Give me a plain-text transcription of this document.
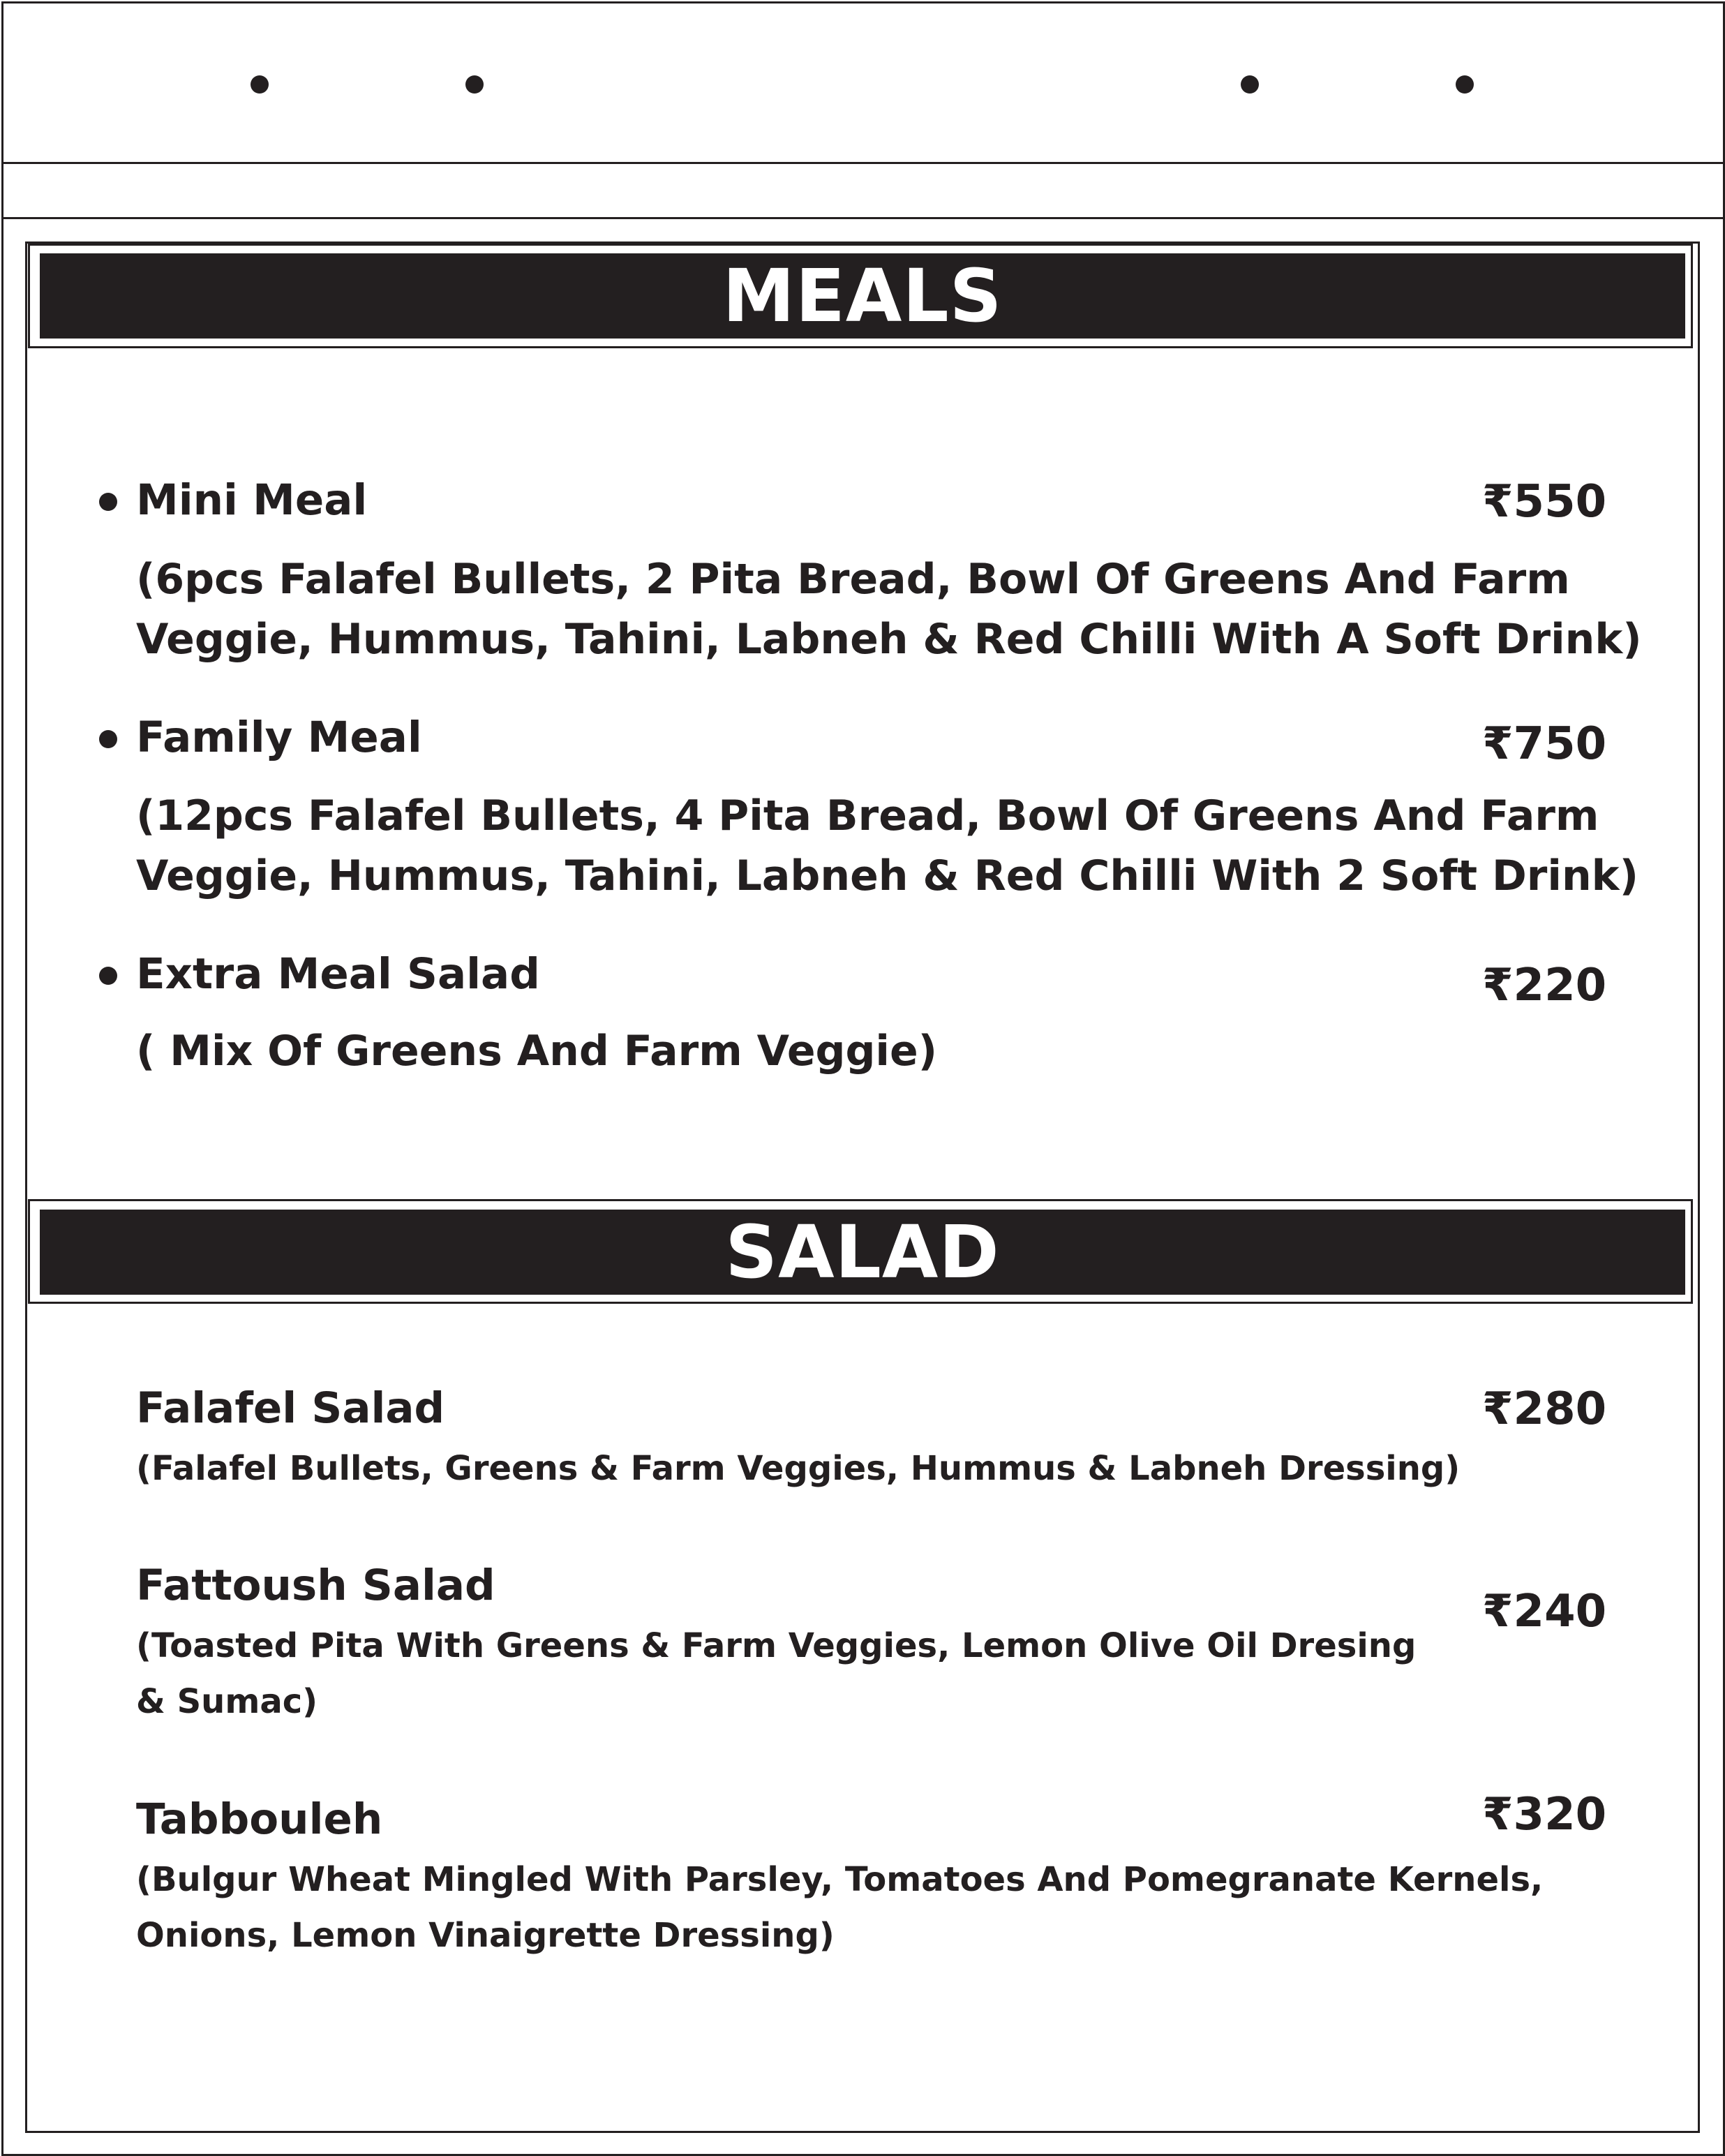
MEALS
Mini Meal	₹550
(6pcs Falafel Bullets, 2 Pita Bread, Bowl Of Greens And Farm
Veggie, Hummus, Tahini, Labneh & Red Chilli With A Soft Drink)
Family Meal	₹750
(12pcs Falafel Bullets, 4 Pita Bread, Bowl Of Greens And Farm
Veggie, Hummus, Tahini, Labneh & Red Chilli With 2 Soft Drink)
Extra Meal Salad	₹220
( Mix Of Greens And Farm Veggie)
SALAD
Falafel Salad	₹280
(Falafel Bullets, Greens & Farm Veggies, Hummus & Labneh Dressing)
Fattoush Salad
₹240
(Toasted Pita With Greens & Farm Veggies, Lemon Olive Oil Dresing
& Sumac)
Tabbouleh	₹320
(Bulgur Wheat Mingled With Parsley, Tomatoes And Pomegranate Kernels,
Onions, Lemon Vinaigrette Dressing)
